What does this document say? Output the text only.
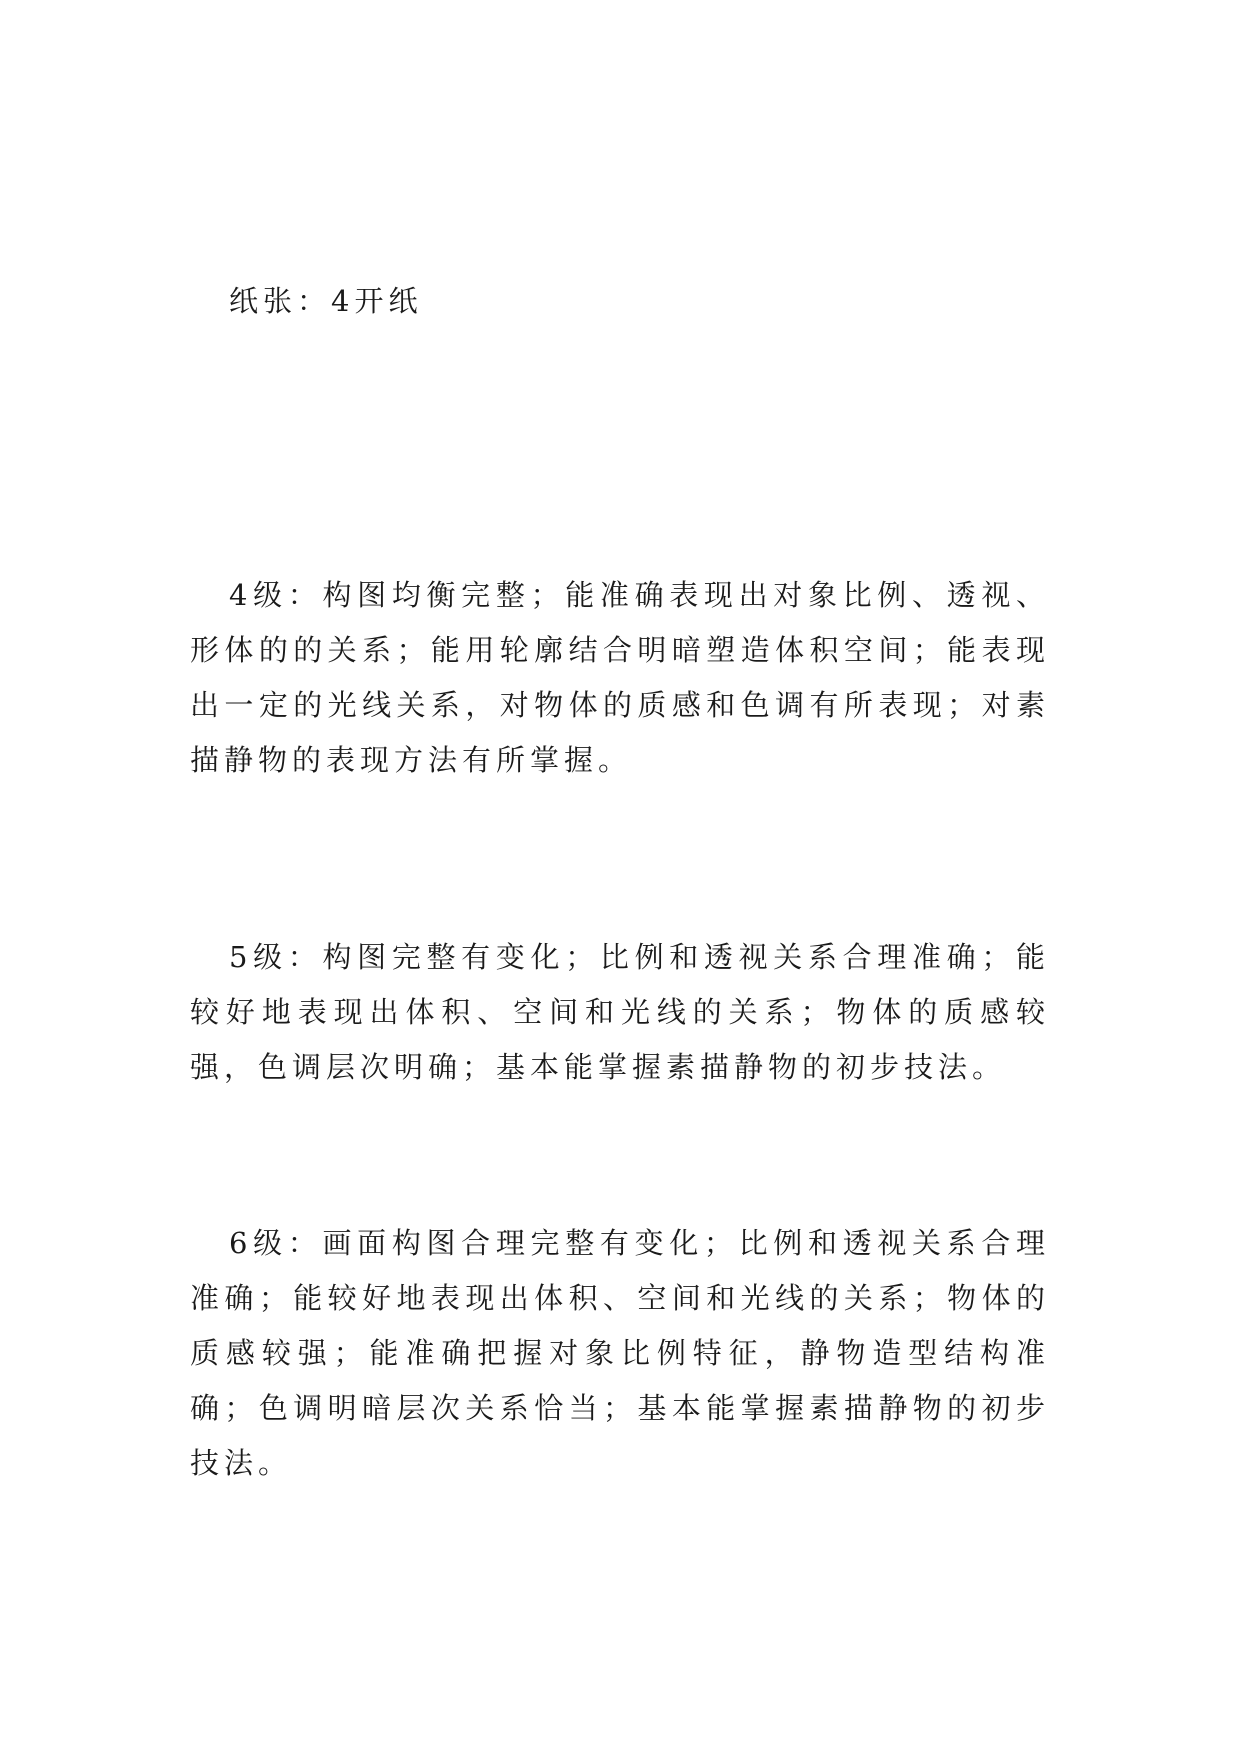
纸张：4开纸

4级：构图均衡完整；能准确表现出对象比例、透视、形体的的关系；能用轮廓结合明暗塑造体积空间；能表现出一定的光线关系，对物体的质感和色调有所表现；对素描静物的表现方法有所掌握。

5级：构图完整有变化；比例和透视关系合理准确；能较好地表现出体积、空间和光线的关系；物体的质感较强，色调层次明确；基本能掌握素描静物的初步技法。

6级：画面构图合理完整有变化；比例和透视关系合理准确；能较好地表现出体积、空间和光线的关系；物体的质感较强；能准确把握对象比例特征，静物造型结构准确；色调明暗层次关系恰当；基本能掌握素描静物的初步技法。
